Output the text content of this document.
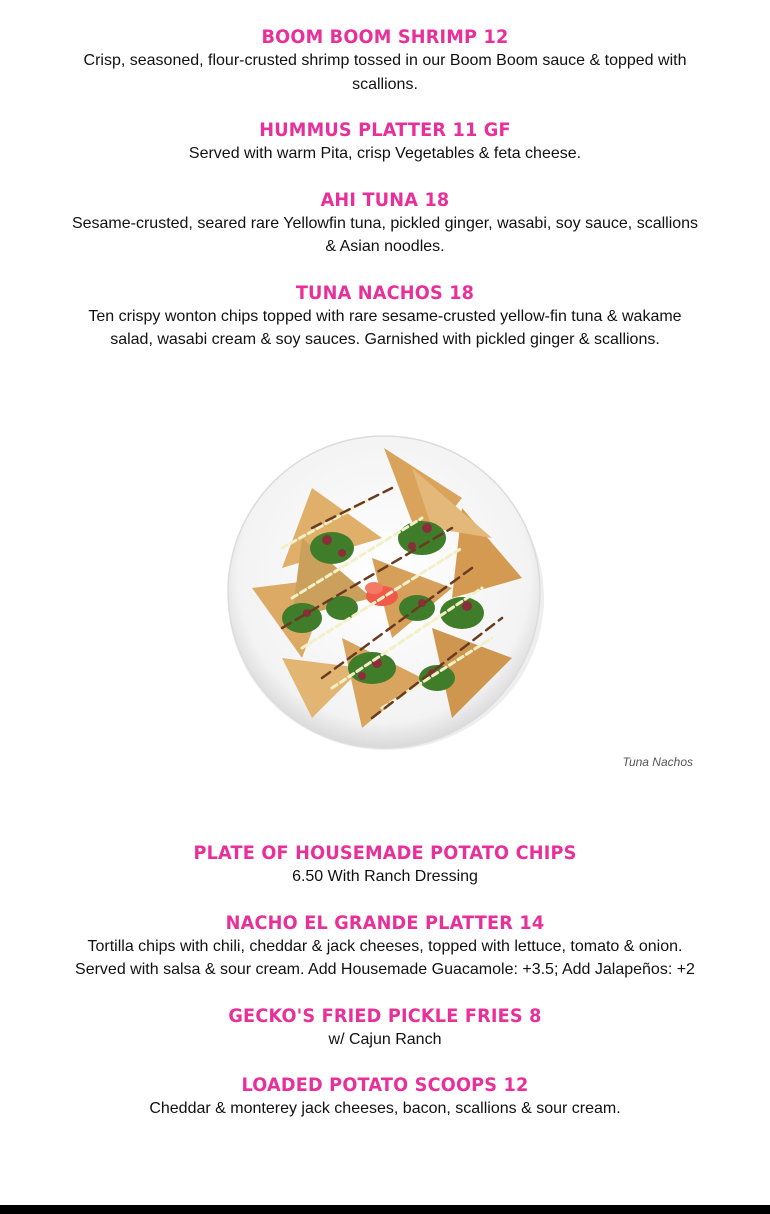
BOOM BOOM SHRIMP 12

Crisp, seasoned, flour-crusted shrimp tossed in our Boom Boom sauce & topped with scallions.

HUMMUS PLATTER 11 GF

Served with warm Pita, crisp Vegetables & feta cheese.

AHI TUNA 18

Sesame-crusted, seared rare Yellowfin tuna, pickled ginger, wasabi, soy sauce, scallions & Asian noodles.

TUNA NACHOS 18

Ten crispy wonton chips topped with rare sesame-crusted yellow-fin tuna & wakame salad, wasabi cream & soy sauces. Garnished with pickled ginger & scallions.

Tuna Nachos
PLATE OF HOUSEMADE POTATO CHIPS

6.50 With Ranch Dressing

NACHO EL GRANDE PLATTER 14

Tortilla chips with chili, cheddar & jack cheeses, topped with lettuce, tomato & onion. Served with salsa & sour cream. Add Housemade Guacamole: +3.5; Add Jalapeños: +2

GECKO'S FRIED PICKLE FRIES 8

w/ Cajun Ranch

LOADED POTATO SCOOPS 12

Cheddar & monterey jack cheeses, bacon, scallions & sour cream.
